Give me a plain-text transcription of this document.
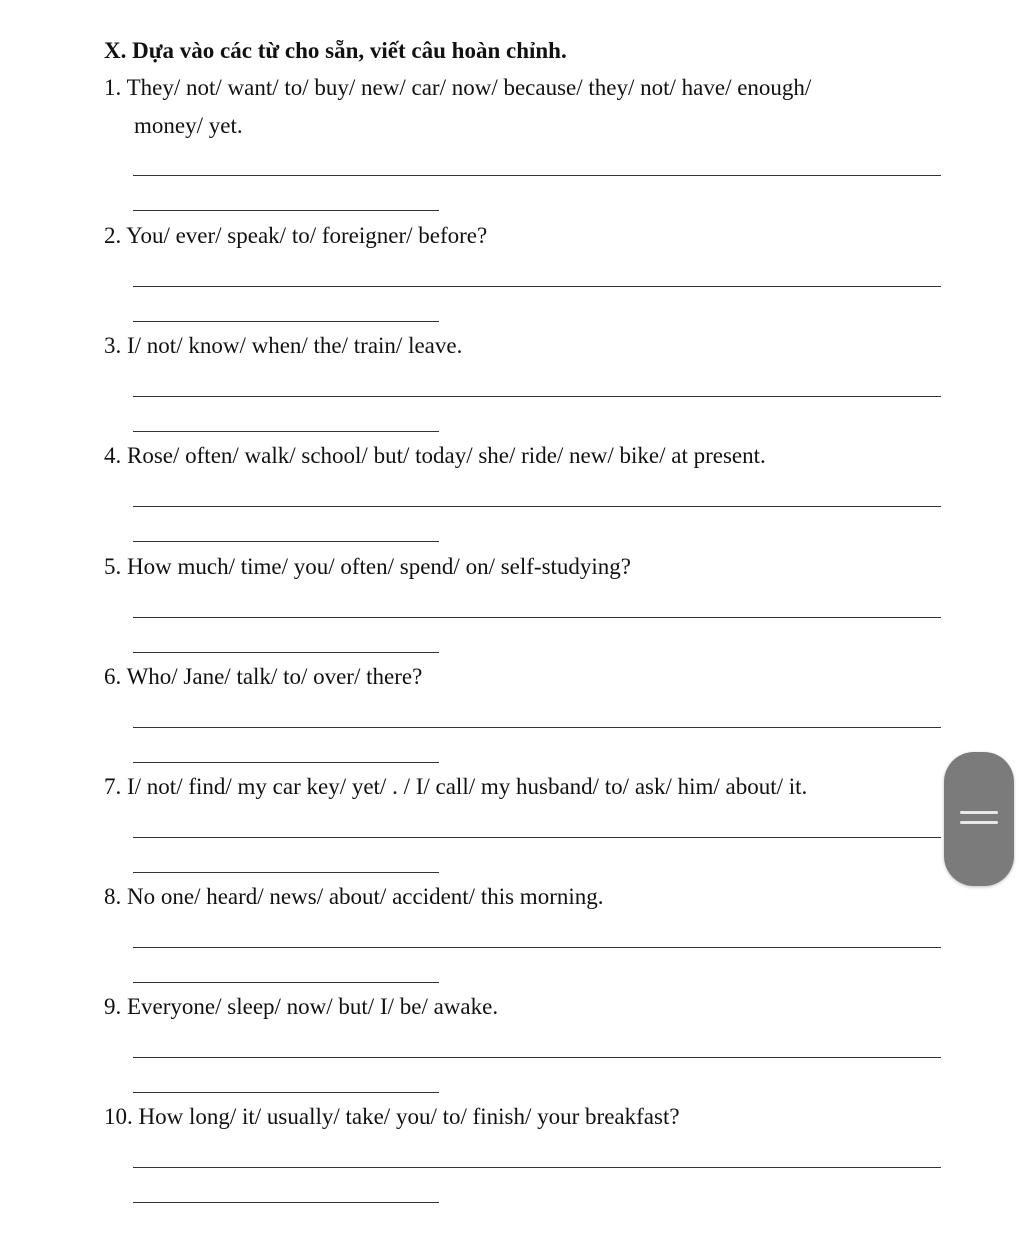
X. Dựa vào các từ cho sẵn, viết câu hoàn chỉnh.
1. They/ not/ want/ to/ buy/ new/ car/ now/ because/ they/ not/ have/ enough/
money/ yet.
2. You/ ever/ speak/ to/ foreigner/ before?
3. I/ not/ know/ when/ the/ train/ leave.
4. Rose/ often/ walk/ school/ but/ today/ she/ ride/ new/ bike/ at present.
5. How much/ time/ you/ often/ spend/ on/ self-studying?
6. Who/ Jane/ talk/ to/ over/ there?
7. I/ not/ find/ my car key/ yet/ . / I/ call/ my husband/ to/ ask/ him/ about/ it.
8. No one/ heard/ news/ about/ accident/ this morning.
9. Everyone/ sleep/ now/ but/ I/ be/ awake.
10. How long/ it/ usually/ take/ you/ to/ finish/ your breakfast?
